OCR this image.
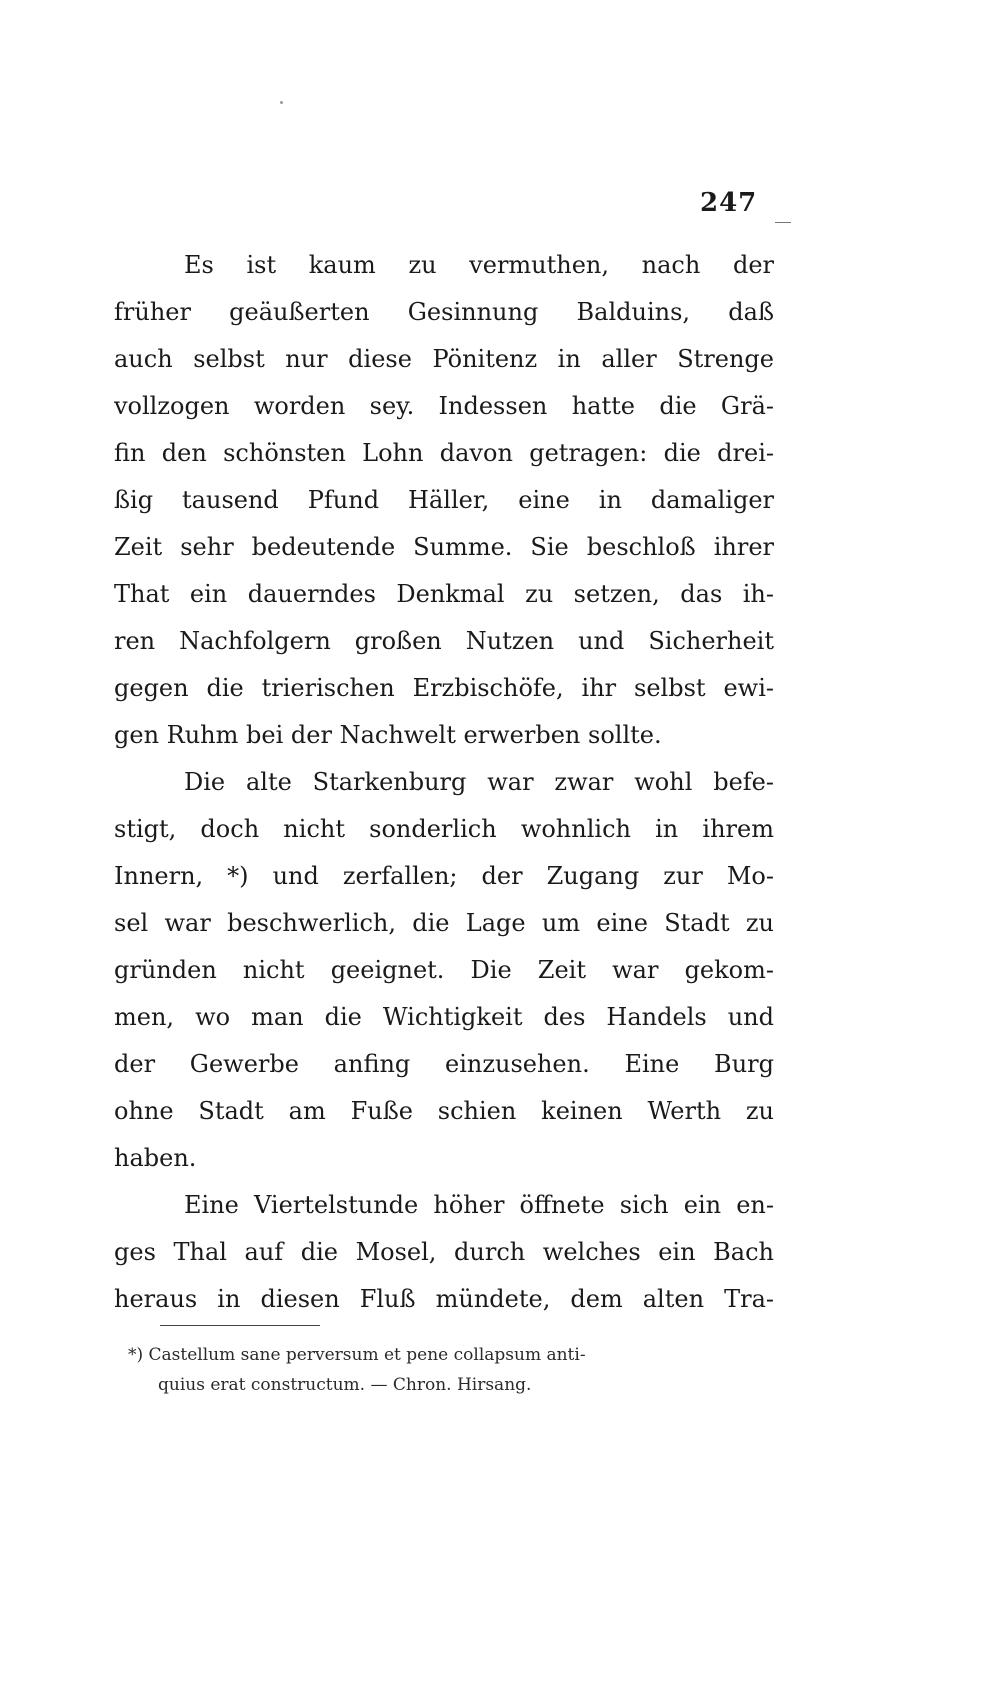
247
Es ist kaum zu vermuthen, nach der
früher geäußerten Gesinnung Balduins, daß
auch selbst nur diese Pönitenz in aller Strenge
vollzogen worden sey. Indessen hatte die Grä-
fin den schönsten Lohn davon getragen: die drei-
ßig tausend Pfund Häller, eine in damaliger
Zeit sehr bedeutende Summe. Sie beschloß ihrer
That ein dauerndes Denkmal zu setzen, das ih-
ren Nachfolgern großen Nutzen und Sicherheit
gegen die trierischen Erzbischöfe, ihr selbst ewi-
gen Ruhm bei der Nachwelt erwerben sollte.
Die alte Starkenburg war zwar wohl befe-
stigt, doch nicht sonderlich wohnlich in ihrem
Innern, *) und zerfallen; der Zugang zur Mo-
sel war beschwerlich, die Lage um eine Stadt zu
gründen nicht geeignet. Die Zeit war gekom-
men, wo man die Wichtigkeit des Handels und
der Gewerbe anfing einzusehen. Eine Burg
ohne Stadt am Fuße schien keinen Werth zu
haben.
Eine Viertelstunde höher öffnete sich ein en-
ges Thal auf die Mosel, durch welches ein Bach
heraus in diesen Fluß mündete, dem alten Tra-
*) Castellum sane perversum et pene collapsum anti-
quius erat constructum. — Chron. Hirsang.
